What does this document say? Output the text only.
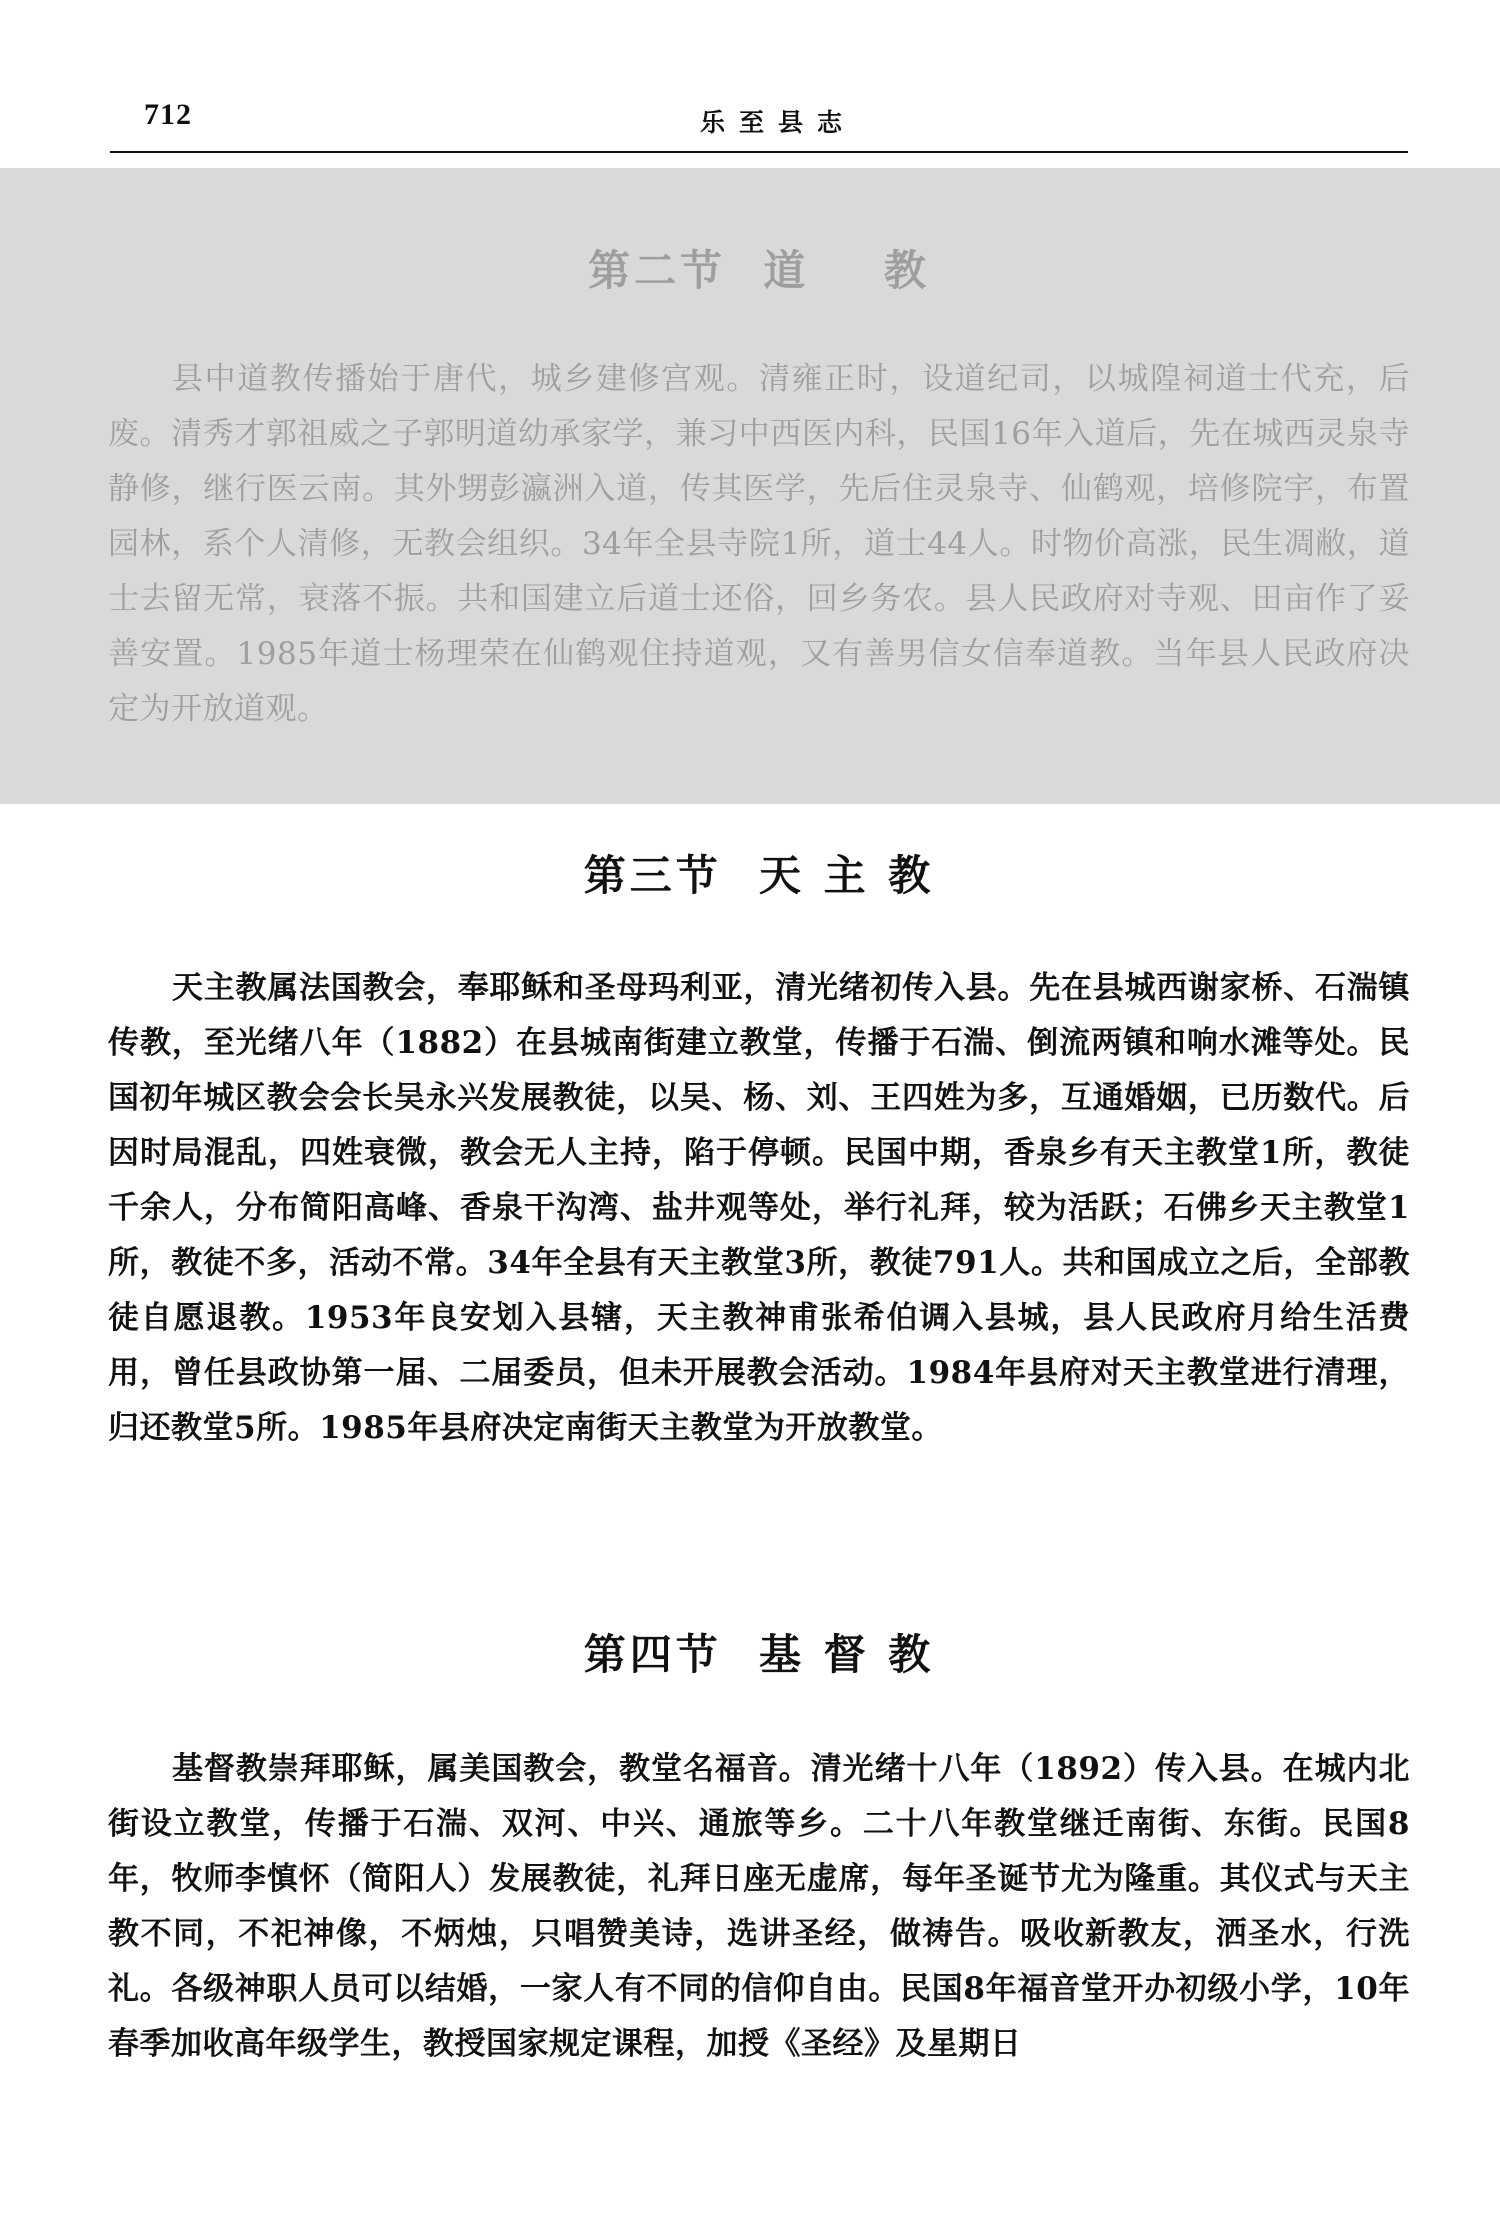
712	乐至县志
第二节  道    教

县中道教传播始于唐代，城乡建修宫观。清雍正时，设道纪司，以城隍祠道士代充，后废。清秀才郭祖威之子郭明道幼承家学，兼习中西医内科，民国16年入道后，先在城西灵泉寺静修，继行医云南。其外甥彭瀛洲入道，传其医学，先后住灵泉寺、仙鹤观，培修院宇，布置园林，系个人清修，无教会组织。34年全县寺院1所，道士44人。时物价高涨，民生凋敝，道士去留无常，衰落不振。共和国建立后道士还俗，回乡务农。县人民政府对寺观、田亩作了妥善安置。1985年道士杨理荣在仙鹤观住持道观，又有善男信女信奉道教。当年县人民政府决定为开放道观。

第三节  天 主 教

天主教属法国教会，奉耶稣和圣母玛利亚，清光绪初传入县。先在县城西谢家桥、石湍镇传教，至光绪八年（1882）在县城南街建立教堂，传播于石湍、倒流两镇和响水滩等处。民国初年城区教会会长吴永兴发展教徒，以吴、杨、刘、王四姓为多，互通婚姻，已历数代。后因时局混乱，四姓衰微，教会无人主持，陷于停顿。民国中期，香泉乡有天主教堂1所，教徒千余人，分布简阳高峰、香泉干沟湾、盐井观等处，举行礼拜，较为活跃；石佛乡天主教堂1所，教徒不多，活动不常。34年全县有天主教堂3所，教徒791人。共和国成立之后，全部教徒自愿退教。1953年良安划入县辖，天主教神甫张希伯调入县城，县人民政府月给生活费用，曾任县政协第一届、二届委员，但未开展教会活动。1984年县府对天主教堂进行清理，归还教堂5所。1985年县府决定南街天主教堂为开放教堂。

第四节  基 督 教

基督教崇拜耶稣，属美国教会，教堂名福音。清光绪十八年（1892）传入县。在城内北街设立教堂，传播于石湍、双河、中兴、通旅等乡。二十八年教堂继迁南街、东街。民国8年，牧师李慎怀（简阳人）发展教徒，礼拜日座无虚席，每年圣诞节尤为隆重。其仪式与天主教不同，不祀神像，不炳烛，只唱赞美诗，选讲圣经，做祷告。吸收新教友，洒圣水，行洗礼。各级神职人员可以结婚，一家人有不同的信仰自由。民国8年福音堂开办初级小学，10年春季加收高年级学生，教授国家规定课程，加授《圣经》及星期日
